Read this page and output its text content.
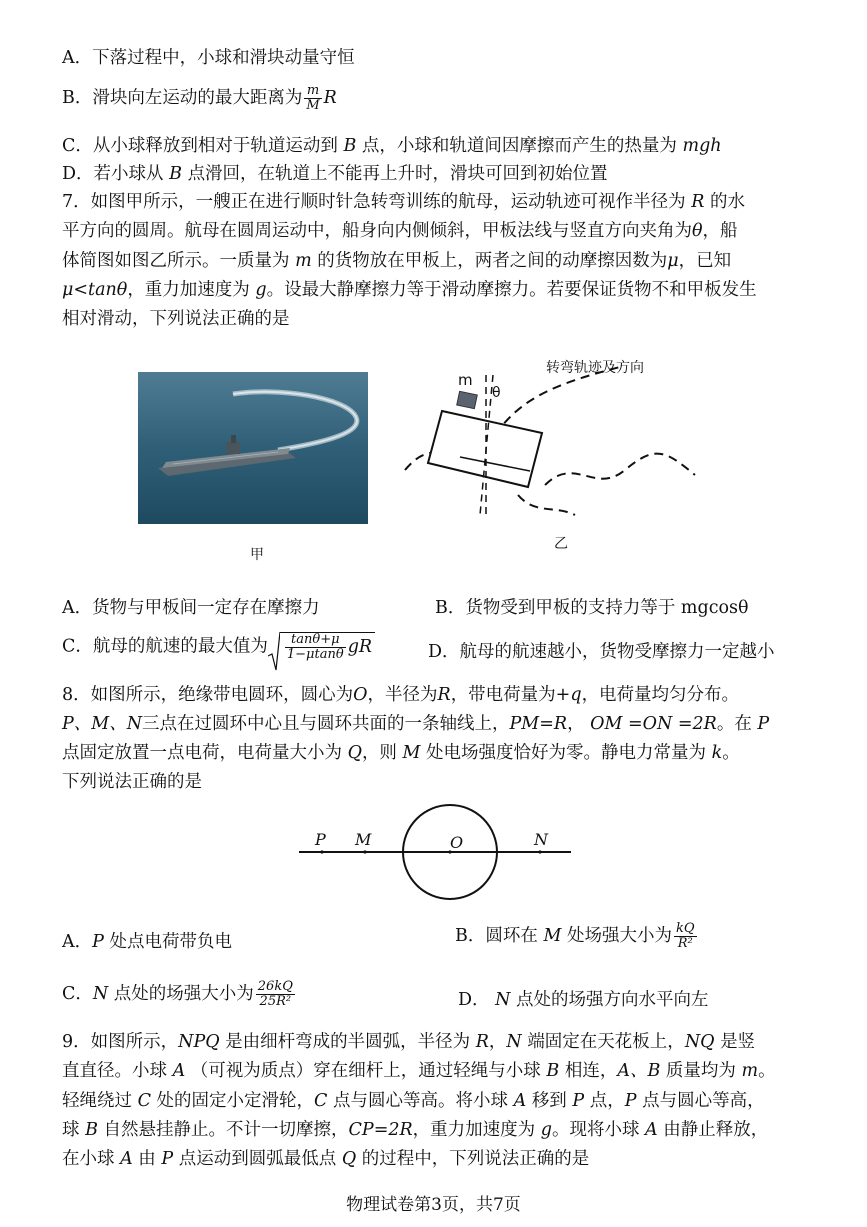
A．下落过程中，小球和滑块动量守恒
B．滑块向左运动的最大距离为 $\frac{m}{M}$ R
C．从小球释放到相对于轨道运动到 B 点，小球和轨道间因摩擦而产生的热量为 mgh
D．若小球从 B 点滑回，在轨道上不能再上升时，滑块可回到初始位置
7．如图甲所示，一艘正在进行顺时针急转弯训练的航母，运动轨迹可视作半径为 R 的水
平方向的圆周。航母在圆周运动中，船身向内侧倾斜，甲板法线与竖直方向夹角为θ，船
体简图如图乙所示。一质量为 m 的货物放在甲板上，两者之间的动摩擦因数为μ，已知
μ<tanθ，重力加速度为 g。设最大静摩擦力等于滑动摩擦力。若要保证货物不和甲板发生
相对滑动，下列说法正确的是
甲
m
θ
转弯轨迹及方向
乙
A．货物与甲板间一定存在摩擦力	B．货物受到甲板的支持力等于 mgcosθ
C．航母的航速的最大值为 $\frac{\tan\theta+\mu}{1-\mu\tan\theta}$ gR	D．航母的航速越小，货物受摩擦力一定越小
8．如图所示，绝缘带电圆环，圆心为O，半径为R，带电荷量为+q，电荷量均匀分布。
P、M、N三点在过圆环中心且与圆环共面的一条轴线上，PM=R， OM =ON =2R。在 P
点固定放置一点电荷，电荷量大小为 Q，则 M 处电场强度恰好为零。静电力常量为 k。
下列说法正确的是
P M	O	N
A．P 处点电荷带负电	B．圆环在 M 处场强大小为 $\frac{kQ}{\text{R²}}$
C．N 点处的场强大小为 $\frac{26kQ}{\text{25R²}}$	D． N 点处的场强方向水平向左
9．如图所示，NPQ 是由细杆弯成的半圆弧，半径为 R，N 端固定在天花板上，NQ 是竖
直直径。小球 A （可视为质点）穿在细杆上，通过轻绳与小球 B 相连，A、B 质量均为 m。
轻绳绕过 C 处的固定小定滑轮，C 点与圆心等高。将小球 A 移到 P 点，P 点与圆心等高，
球 B 自然悬挂静止。不计一切摩擦，CP=2R，重力加速度为 g。现将小球 A 由静止释放，
在小球 A 由 P 点运动到圆弧最低点 Q 的过程中，下列说法正确的是
物理试卷第3页，共7页
